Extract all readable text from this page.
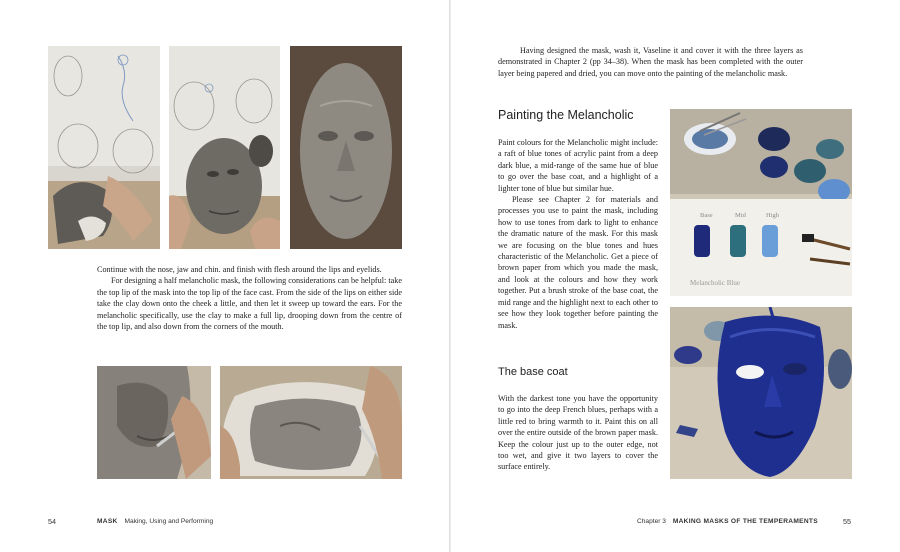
Continue with the nose, jaw and chin. and finish with flesh around the lips and eyelids.

For designing a half melancholic mask, the following considerations can be helpful: take the top lip of the mask into the top lip of the face cast. From the side of the lips on either side take the clay down onto the cheek a little, and then let it sweep up toward the ears. For the melancholic specifically, use the clay to make a full lip, drooping down from the centre of the top lip, and also down from the corners of the mouth.

54	MASK Making, Using and Performing

Having designed the mask, wash it, Vaseline it and cover it with the three layers as demonstrated in Chapter 2 (pp 34–38). When the mask has been completed with the outer layer being papered and dried, you can move onto the painting of the melancholic mask.

Painting the Melancholic

Paint colours for the Melancholic might include: a raft of blue tones of acrylic paint from a deep dark blue, a mid-range of the same hue of blue to go over the base coat, and a highlight of a lighter tone of blue but similar hue.

Please see Chapter 2 for materials and processes you use to paint the mask, including how to use tones from dark to light to enhance the dramatic nature of the mask. For this mask we are focusing on the blue tones and hues characteristic of the Melancholic. Get a piece of brown paper from which you made the mask, and look at the colours and how they work together. Put a brush stroke of the base coat, the mid range and the highlight next to each other to see how they look together before painting the mask.

The base coat

With the darkest tone you have the opportunity to go into the deep French blues, perhaps with a little red to bring warmth to it. Paint this on all over the entire outside of the brown paper mask. Keep the colour just up to the outer edge, not too wet, and give it two layers to cover the surface entirely.

Base	Mid	High
Melancholic Blue
Chapter 3 MAKING MASKS OF THE TEMPERAMENTS	55
